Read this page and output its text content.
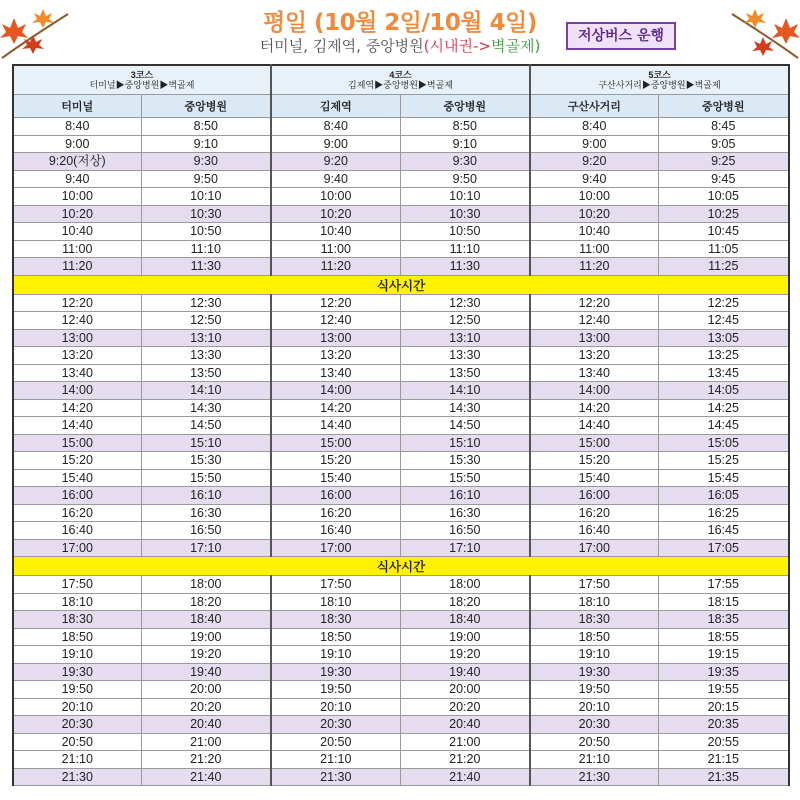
평일 (10월 2일/10월 4일)
터미널, 김제역, 중앙병원(시내권->벽골제)
저상버스 운행
3코스
터미널▶중앙병원▶벽골제		4코스
김제역▶중앙병원▶벽골제		5코스
구산사거리▶중앙병원▶벽골제	

터미널	중앙병원	김제역	중앙병원	구산사거리	중앙병원
8:40	8:50	8:40	8:50	8:40	8:45
9:00	9:10	9:00	9:10	9:00	9:05
9:20(저상)	9:30	9:20	9:30	9:20	9:25
9:40	9:50	9:40	9:50	9:40	9:45
10:00	10:10	10:00	10:10	10:00	10:05
10:20	10:30	10:20	10:30	10:20	10:25
10:40	10:50	10:40	10:50	10:40	10:45
11:00	11:10	11:00	11:10	11:00	11:05
11:20	11:30	11:20	11:30	11:20	11:25
식사시간					
12:20	12:30	12:20	12:30	12:20	12:25
12:40	12:50	12:40	12:50	12:40	12:45
13:00	13:10	13:00	13:10	13:00	13:05
13:20	13:30	13:20	13:30	13:20	13:25
13:40	13:50	13:40	13:50	13:40	13:45
14:00	14:10	14:00	14:10	14:00	14:05
14:20	14:30	14:20	14:30	14:20	14:25
14:40	14:50	14:40	14:50	14:40	14:45
15:00	15:10	15:00	15:10	15:00	15:05
15:20	15:30	15:20	15:30	15:20	15:25
15:40	15:50	15:40	15:50	15:40	15:45
16:00	16:10	16:00	16:10	16:00	16:05
16:20	16:30	16:20	16:30	16:20	16:25
16:40	16:50	16:40	16:50	16:40	16:45
17:00	17:10	17:00	17:10	17:00	17:05
식사시간					
17:50	18:00	17:50	18:00	17:50	17:55
18:10	18:20	18:10	18:20	18:10	18:15
18:30	18:40	18:30	18:40	18:30	18:35
18:50	19:00	18:50	19:00	18:50	18:55
19:10	19:20	19:10	19:20	19:10	19:15
19:30	19:40	19:30	19:40	19:30	19:35
19:50	20:00	19:50	20:00	19:50	19:55
20:10	20:20	20:10	20:20	20:10	20:15
20:30	20:40	20:30	20:40	20:30	20:35
20:50	21:00	20:50	21:00	20:50	20:55
21:10	21:20	21:10	21:20	21:10	21:15
21:30	21:40	21:30	21:40	21:30	21:35
